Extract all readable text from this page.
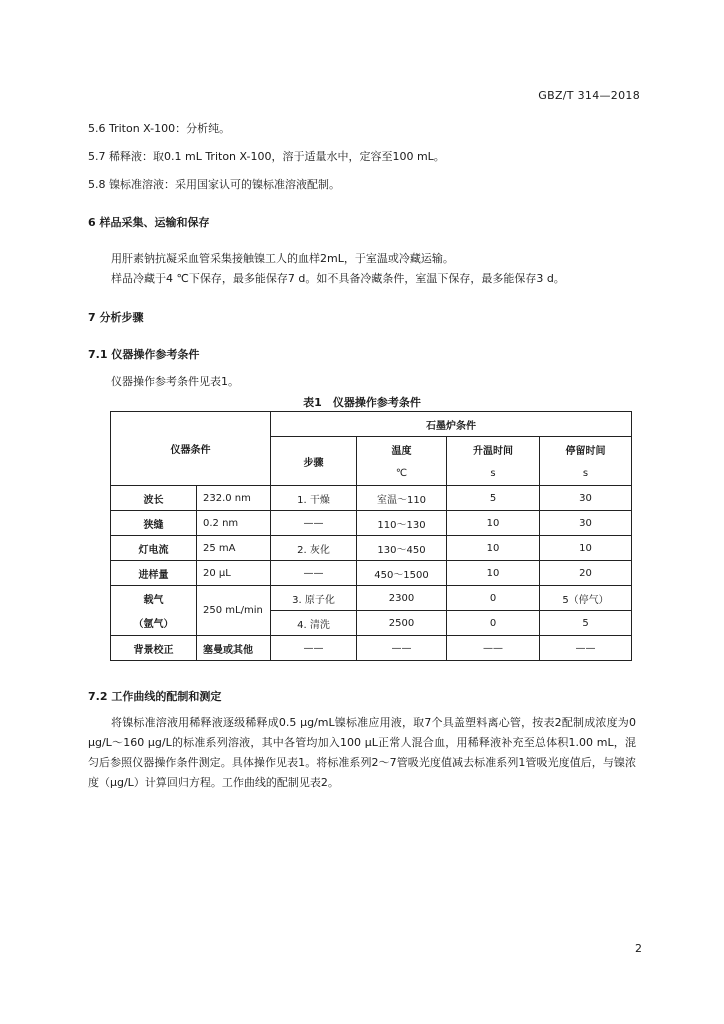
GBZ/T 314—2018
5.6 Triton X-100：分析纯。
5.7 稀释液：取0.1 mL Triton X-100，溶于适量水中，定容至100 mL。
5.8 镍标准溶液：采用国家认可的镍标准溶液配制。
6 样品采集、运输和保存
用肝素钠抗凝采血管采集接触镍工人的血样2mL，于室温或冷藏运输。
样品冷藏于4 ℃下保存，最多能保存7 d。如不具备冷藏条件，室温下保存，最多能保存3 d。
7 分析步骤
7.1 仪器操作参考条件
仪器操作参考条件见表1。
表1　仪器操作参考条件
仪器条件		石墨炉条件			
		步骤	温度	升温时间	停留时间
			℃	s	s
波长	232.0 nm	1. 干燥	室温～110	5	30
狭缝	0.2 nm	——	110～130	10	30
灯电流	25 mA	2. 灰化	130～450	10	10
进样量	20 μL	——	450～1500	10	20
载气	250 mL/min	3. 原子化	2300	0	5（停气）
（氩气）		4. 清洗	2500	0	5
背景校正	塞曼或其他	——	——	——	——
7.2 工作曲线的配制和测定
将镍标准溶液用稀释液逐级稀释成0.5 μg/mL镍标准应用液，取7个具盖塑料离心管，按表2配制成浓度为0 μg/L～160 μg/L的标准系列溶液，其中各管均加入100 μL正常人混合血，用稀释液补充至总体积1.00 mL，混匀后参照仪器操作条件测定。具体操作见表1。将标准系列2～7管吸光度值减去标准系列1管吸光度值后，与镍浓度（μg/L）计算回归方程。工作曲线的配制见表2。
2
